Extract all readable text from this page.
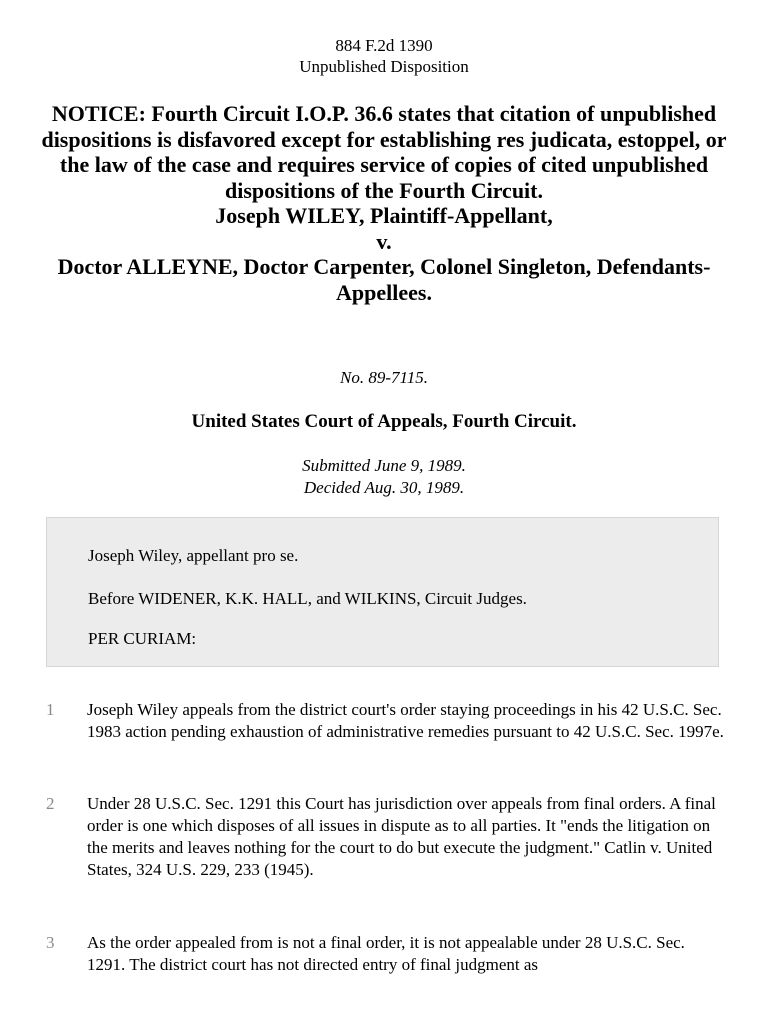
884 F.2d 1390
Unpublished Disposition
NOTICE: Fourth Circuit I.O.P. 36.6 states that citation of unpublished dispositions is disfavored except for establishing res judicata, estoppel, or the law of the case and requires service of copies of cited unpublished dispositions of the Fourth Circuit.
Joseph WILEY, Plaintiff-Appellant,
v.
Doctor ALLEYNE, Doctor Carpenter, Colonel Singleton, Defendants-Appellees.
No. 89-7115.
United States Court of Appeals, Fourth Circuit.
Submitted June 9, 1989.
Decided Aug. 30, 1989.

Joseph Wiley, appellant pro se.

Before WIDENER, K.K. HALL, and WILKINS, Circuit Judges.

PER CURIAM:

1	Joseph Wiley appeals from the district court's order staying proceedings in his 42 U.S.C. Sec. 1983 action pending exhaustion of administrative remedies pursuant to 42 U.S.C. Sec. 1997e.
2	Under 28 U.S.C. Sec. 1291 this Court has jurisdiction over appeals from final orders. A final order is one which disposes of all issues in dispute as to all parties. It "ends the litigation on the merits and leaves nothing for the court to do but execute the judgment." Catlin v. United States, 324 U.S. 229, 233 (1945).
3	As the order appealed from is not a final order, it is not appealable under 28 U.S.C. Sec. 1291. The district court has not directed entry of final judgment as
